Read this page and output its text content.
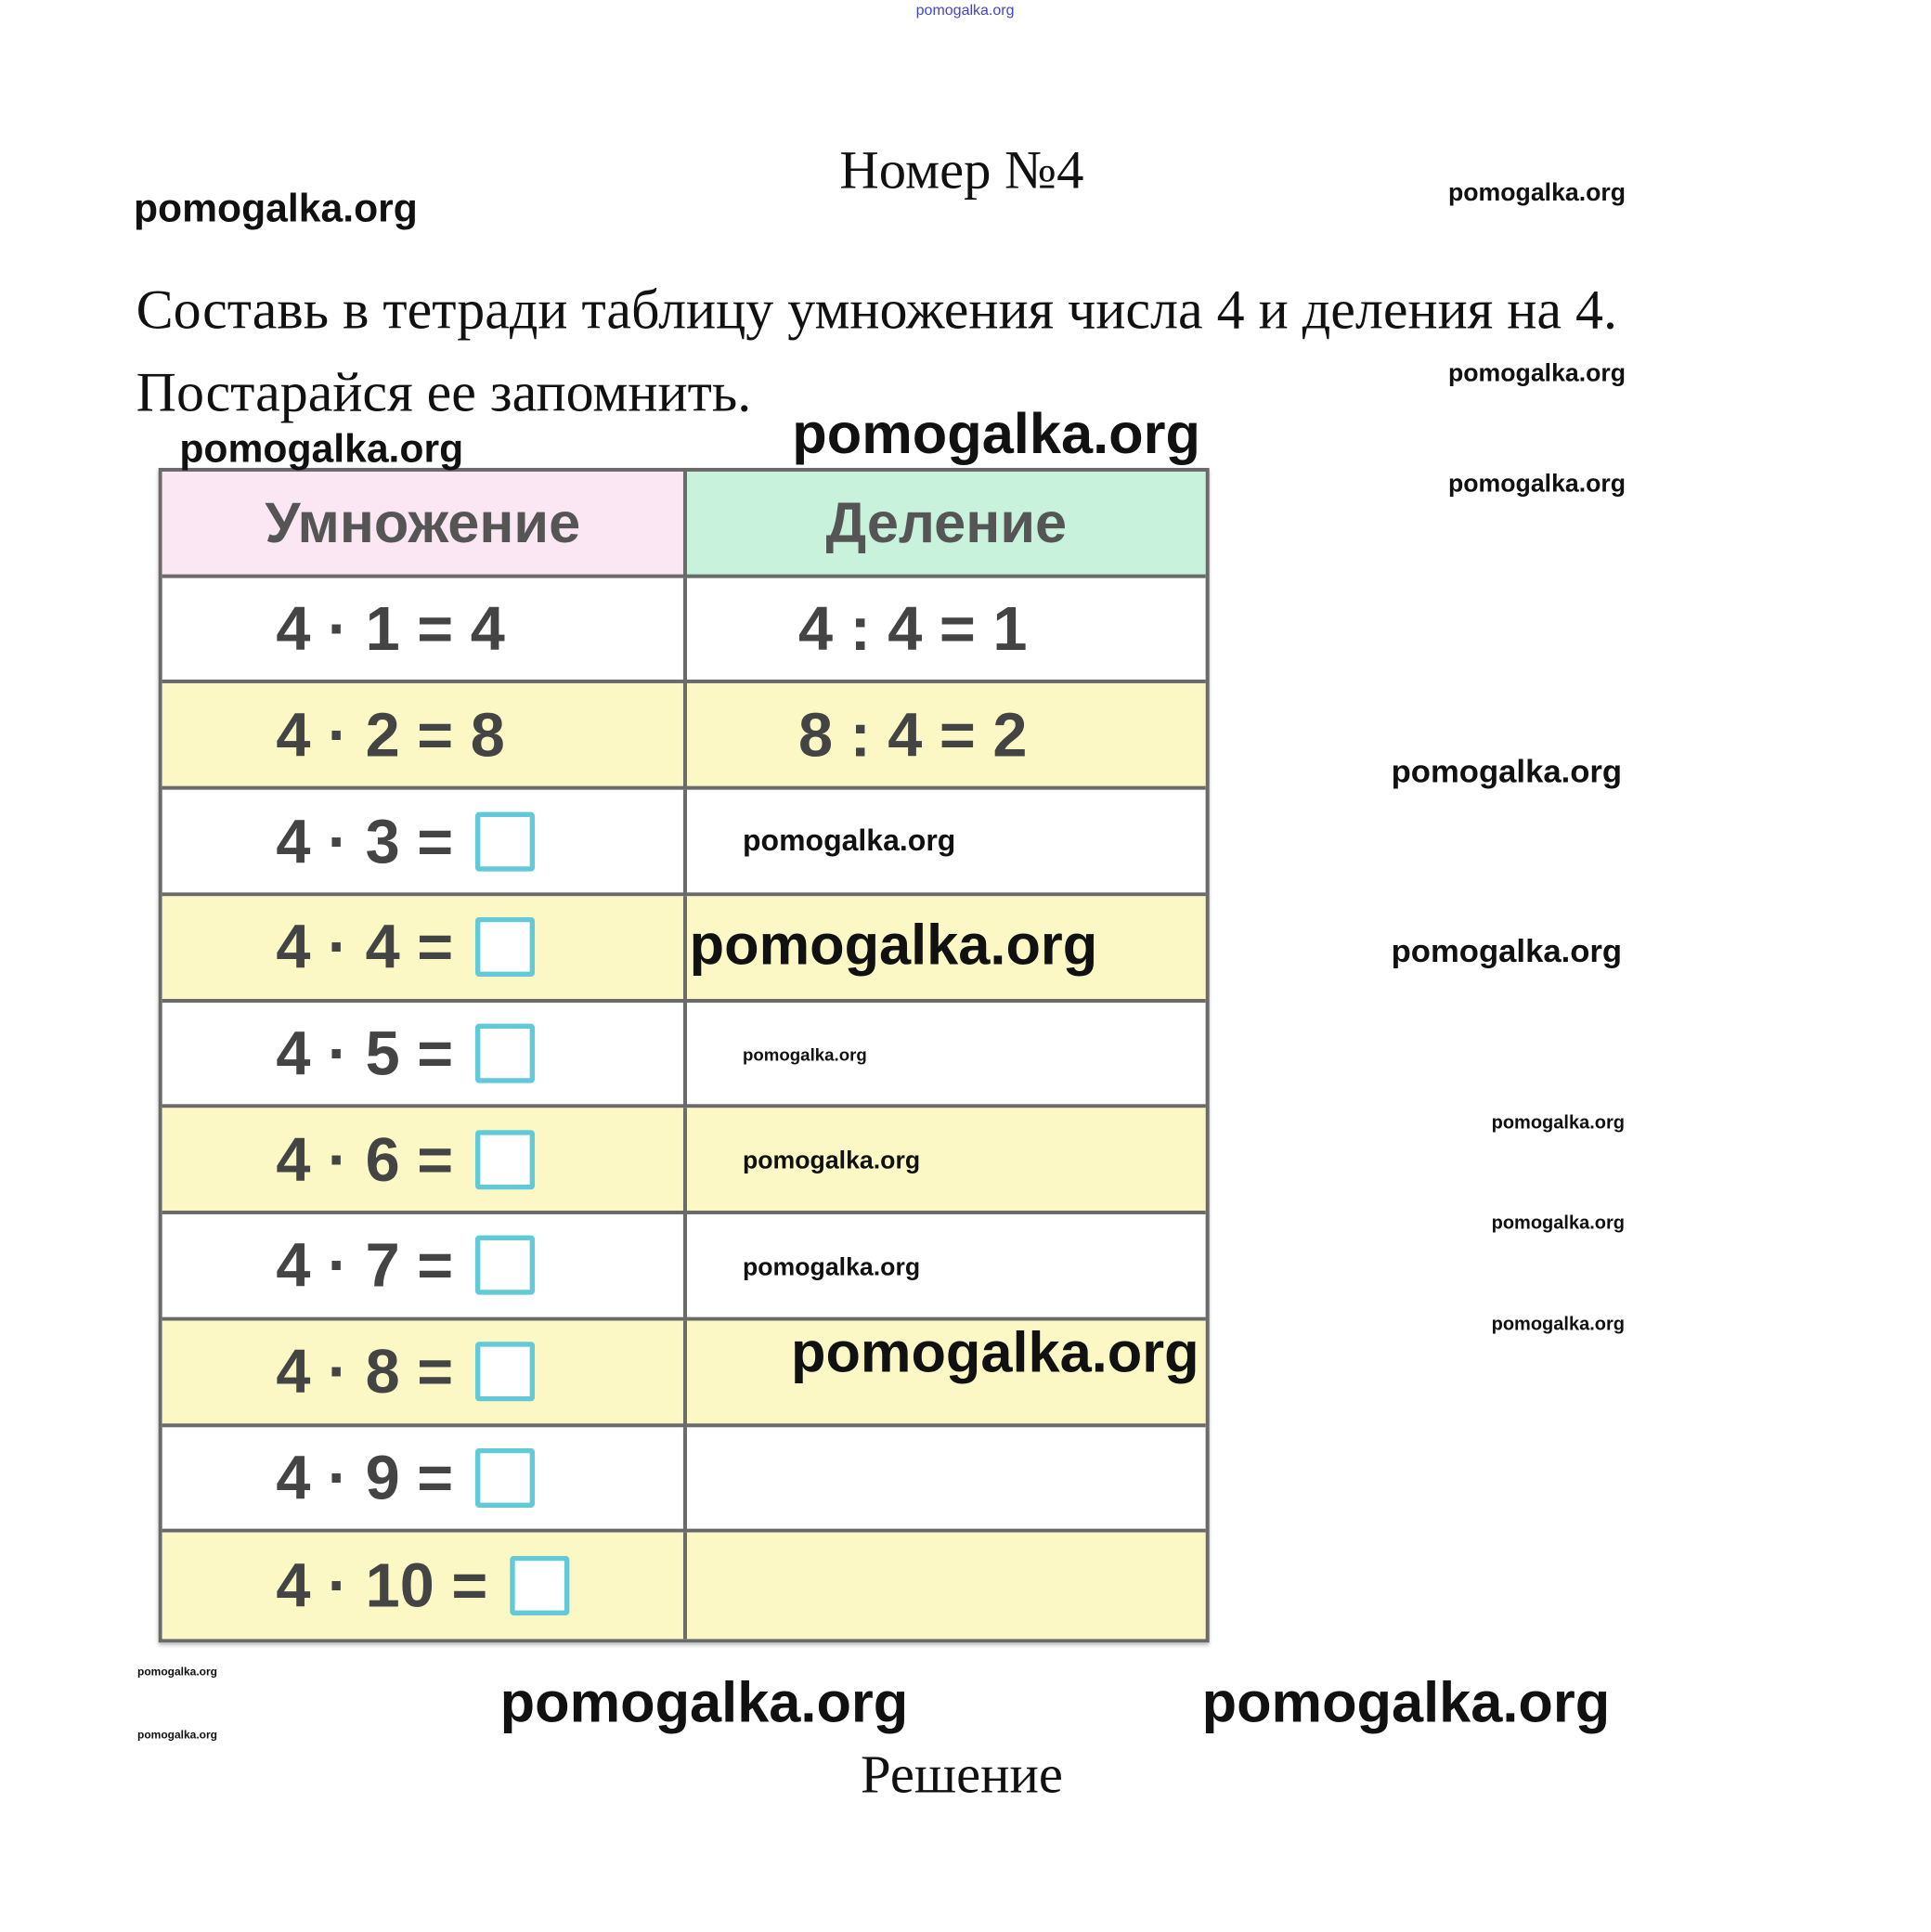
Номер №4
Составь в тетради таблицу умножения числа 4 и деления на 4.
Постарайся ее запомнить.
Умножение	Деление
4 · 1 = 4	4 : 4 = 1
4 · 2 = 8	8 : 4 = 2
4 · 3 =
4 · 4 =
4 · 5 =
4 · 6 =
4 · 7 =
4 · 8 =
4 · 9 =
4 · 10 =
Решение
pomogalka.org
pomogalka.org	pomogalka.org
pomogalka.org
pomogalka.org	pomogalka.org
pomogalka.org
pomogalka.org
pomogalka.org
pomogalka.org	pomogalka.org
pomogalka.org
pomogalka.org
pomogalka.org
pomogalka.org
pomogalka.org
pomogalka.org
pomogalka.org
pomogalka.org
pomogalka.org
pomogalka.org	pomogalka.org
